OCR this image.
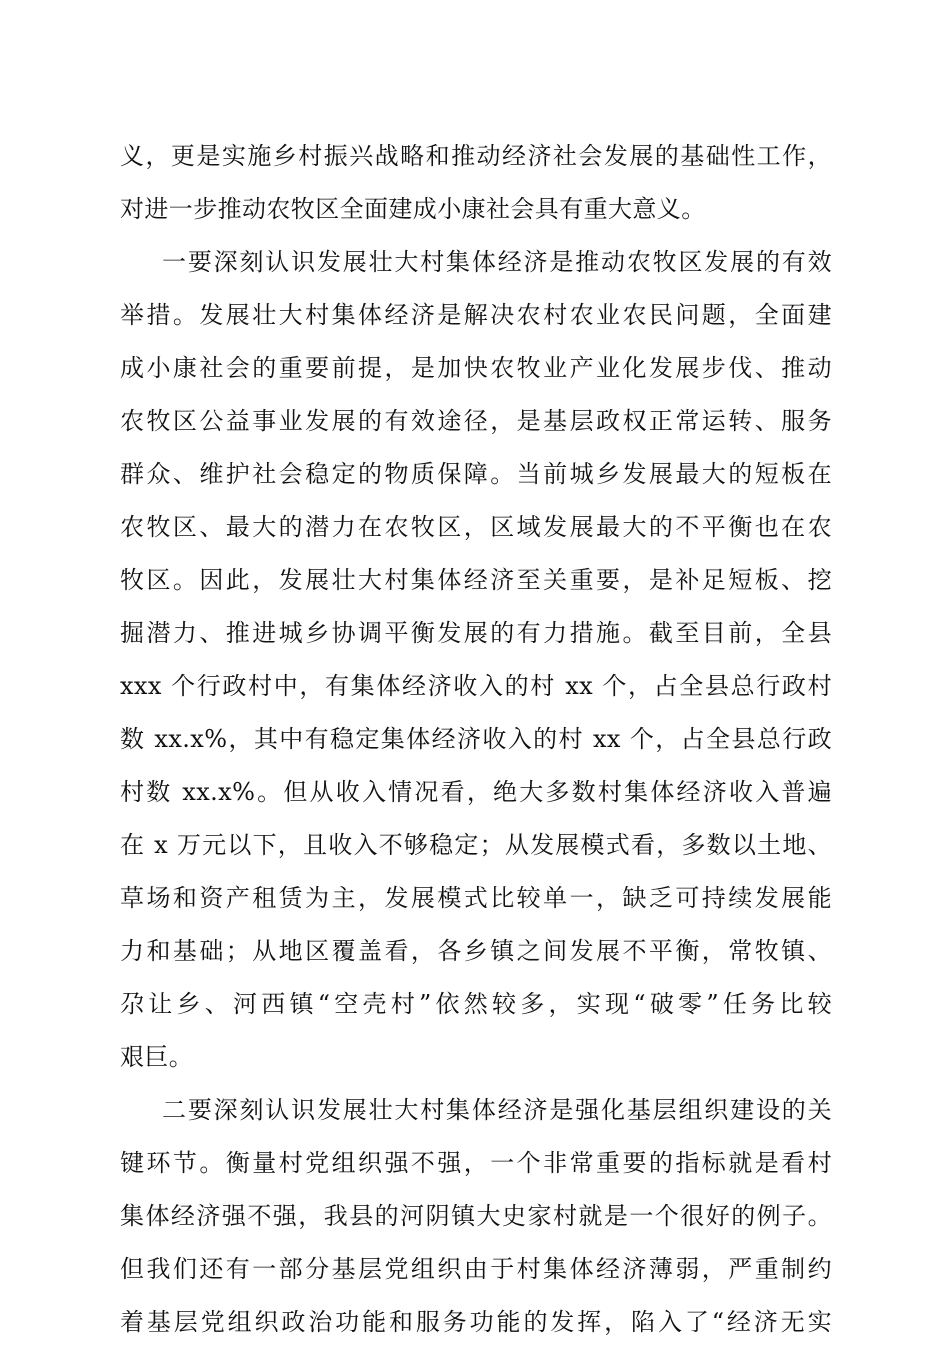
义，更是实施乡村振兴战略和推动经济社会发展的基础性工作，
对进一步推动农牧区全面建成小康社会具有重大意义。
一要深刻认识发展壮大村集体经济是推动农牧区发展的有效
举措。发展壮大村集体经济是解决农村农业农民问题，全面建
成小康社会的重要前提，是加快农牧业产业化发展步伐、推动
农牧区公益事业发展的有效途径，是基层政权正常运转、服务
群众、维护社会稳定的物质保障。当前城乡发展最大的短板在
农牧区、最大的潜力在农牧区，区域发展最大的不平衡也在农
牧区。因此，发展壮大村集体经济至关重要，是补足短板、挖
掘潜力、推进城乡协调平衡发展的有力措施。截至目前，全县
xxx 个行政村中，有集体经济收入的村 xx 个，占全县总行政村
数 xx.x%，其中有稳定集体经济收入的村 xx 个，占全县总行政
村数 xx.x%。但从收入情况看，绝大多数村集体经济收入普遍
在 x 万元以下，且收入不够稳定；从发展模式看，多数以土地、
草场和资产租赁为主，发展模式比较单一，缺乏可持续发展能
力和基础；从地区覆盖看，各乡镇之间发展不平衡，常牧镇、
尕让乡、河西镇“空壳村”依然较多，实现“破零”任务比较
艰巨。
二要深刻认识发展壮大村集体经济是强化基层组织建设的关
键环节。衡量村党组织强不强，一个非常重要的指标就是看村
集体经济强不强，我县的河阴镇大史家村就是一个很好的例子。
但我们还有一部分基层党组织由于村集体经济薄弱，严重制约
着基层党组织政治功能和服务功能的发挥，陷入了“经济无实
